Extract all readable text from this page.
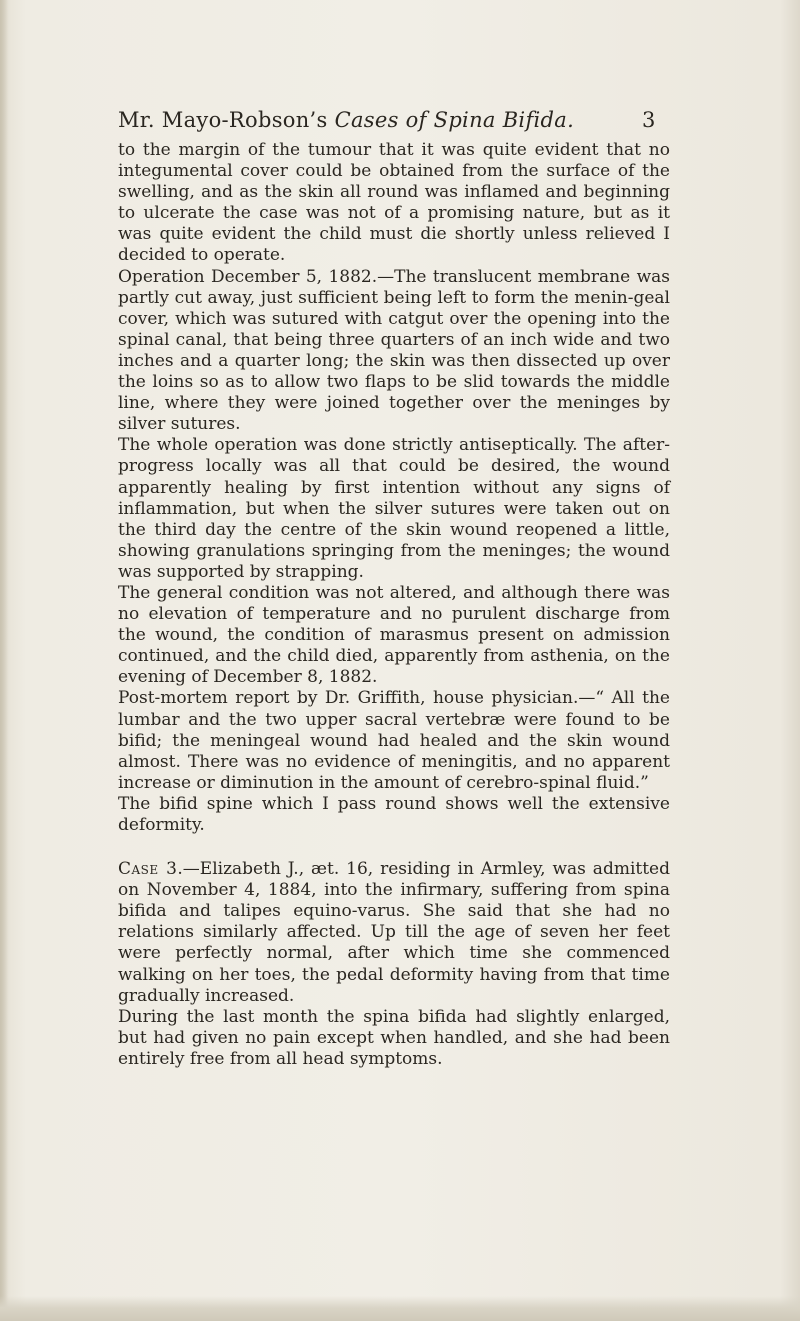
Mr. Mayo-Robson’s Cases of Spina Bifida.	3

to the margin of the tumour that it was quite evident that no integumental cover could be obtained from the surface of the swelling, and as the skin all round was inflamed and beginning to ulcerate the case was not of a promising nature, but as it was quite evident the child must die shortly unless relieved I decided to operate.

Operation December 5, 1882.—The translucent membrane was partly cut away, just sufficient being left to form the menin-geal cover, which was sutured with catgut over the opening into the spinal canal, that being three quarters of an inch wide and two inches and a quarter long; the skin was then dissected up over the loins so as to allow two flaps to be slid towards the middle line, where they were joined together over the meninges by silver sutures.

The whole operation was done strictly antiseptically. The after-progress locally was all that could be desired, the wound apparently healing by first intention without any signs of inflammation, but when the silver sutures were taken out on the third day the centre of the skin wound reopened a little, showing granulations springing from the meninges; the wound was supported by strapping.

The general condition was not altered, and although there was no elevation of temperature and no purulent discharge from the wound, the condition of marasmus present on admission continued, and the child died, apparently from asthenia, on the evening of December 8, 1882.

Post-mortem report by Dr. Griffith, house physician.—“ All the lumbar and the two upper sacral vertebræ were found to be bifid; the meningeal wound had healed and the skin wound almost. There was no evidence of meningitis, and no apparent increase or diminution in the amount of cerebro-spinal fluid.”

The bifid spine which I pass round shows well the extensive deformity.

Case 3.—Elizabeth J., æt. 16, residing in Armley, was admitted on November 4, 1884, into the infirmary, suffering from spina bifida and talipes equino-varus. She said that she had no relations similarly affected. Up till the age of seven her feet were perfectly normal, after which time she commenced walking on her toes, the pedal deformity having from that time gradually increased.

During the last month the spina bifida had slightly enlarged, but had given no pain except when handled, and she had been entirely free from all head symptoms.
